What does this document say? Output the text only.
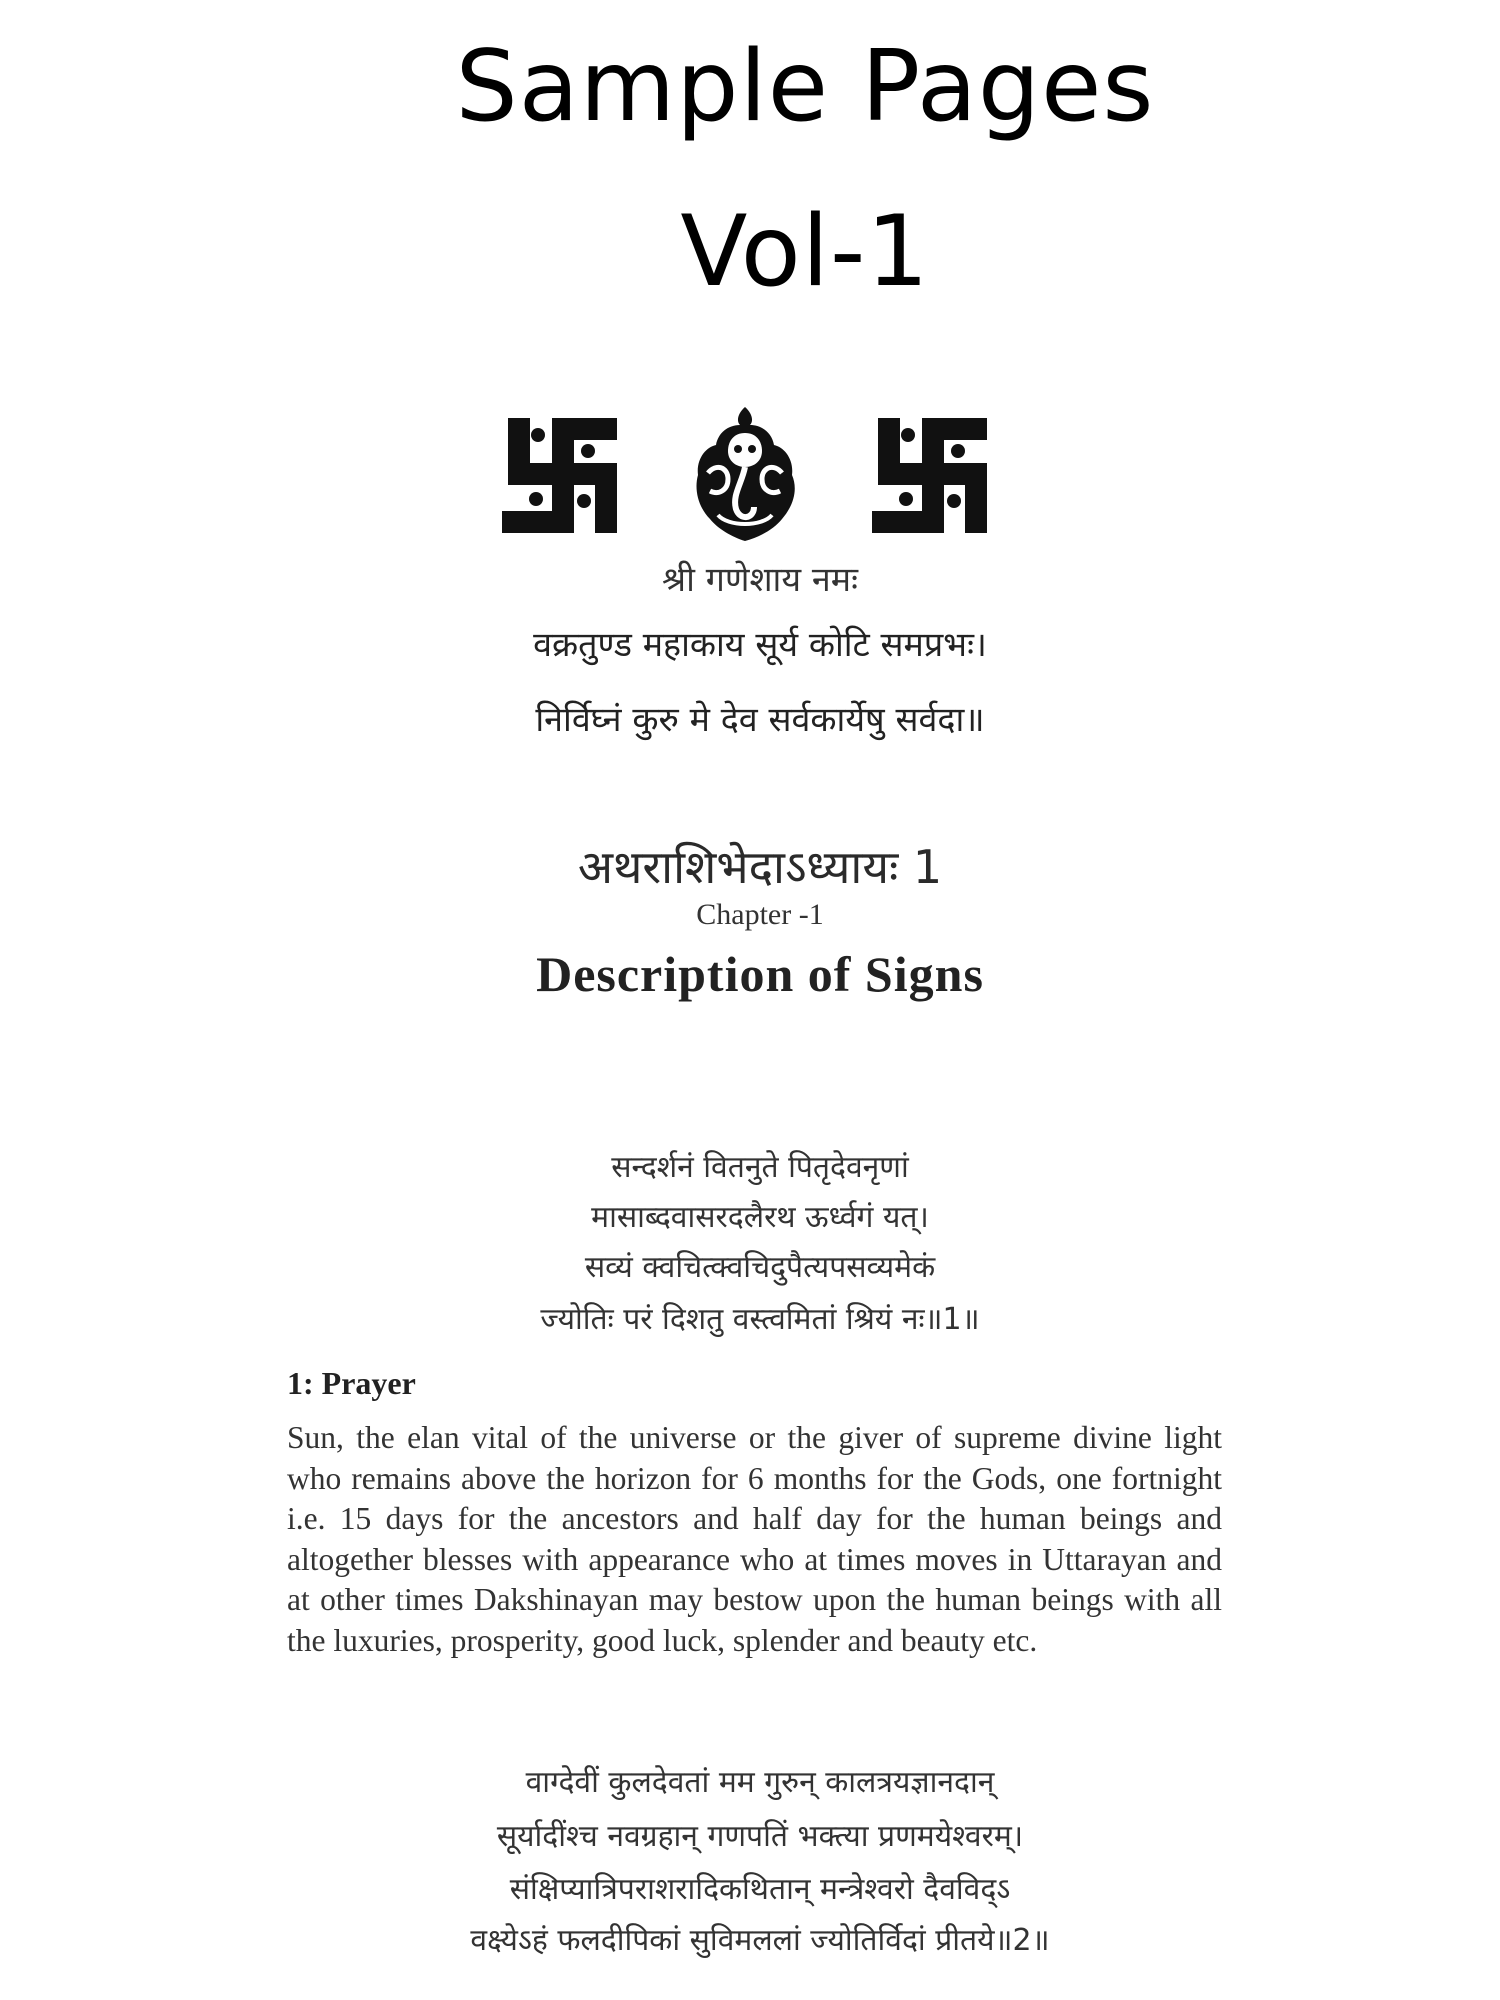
Sample Pages
Vol-1
श्री गणेशाय नमः
वक्रतुण्ड महाकाय सूर्य कोटि समप्रभः।
निर्विघ्नं कुरु मे देव सर्वकार्येषु सर्वदा॥
अथराशिभेदाऽध्यायः 1
Chapter -1
Description of Signs
सन्दर्शनं वितनुते पितृदेवनृणां
मासाब्दवासरदलैरथ ऊर्ध्वगं यत्।
सव्यं क्वचित्क्वचिदुपैत्यपसव्यमेकं
ज्योतिः परं दिशतु वस्त्वमितां श्रियं नः॥1॥
1: Prayer

Sun, the elan vital of the universe or the giver of supreme divine light who remains above the horizon for 6 months for the Gods, one fortnight i.e. 15 days for the ancestors and half day for the human beings and altogether blesses with appearance who at times moves in Uttarayan and at other times Dakshinayan may bestow upon the human beings with all the luxuries, prosperity, good luck, splender and beauty etc.

वाग्देवीं कुलदेवतां मम गुरुन् कालत्रयज्ञानदान्
सूर्यादींश्च नवग्रहान् गणपतिं भक्त्या प्रणमयेश्वरम्।
संक्षिप्यात्रिपराशरादिकथितान् मन्त्रेश्वरो दैवविद्ऽ
वक्ष्येऽहं फलदीपिकां सुविमललां ज्योतिर्विदां प्रीतये॥2॥
